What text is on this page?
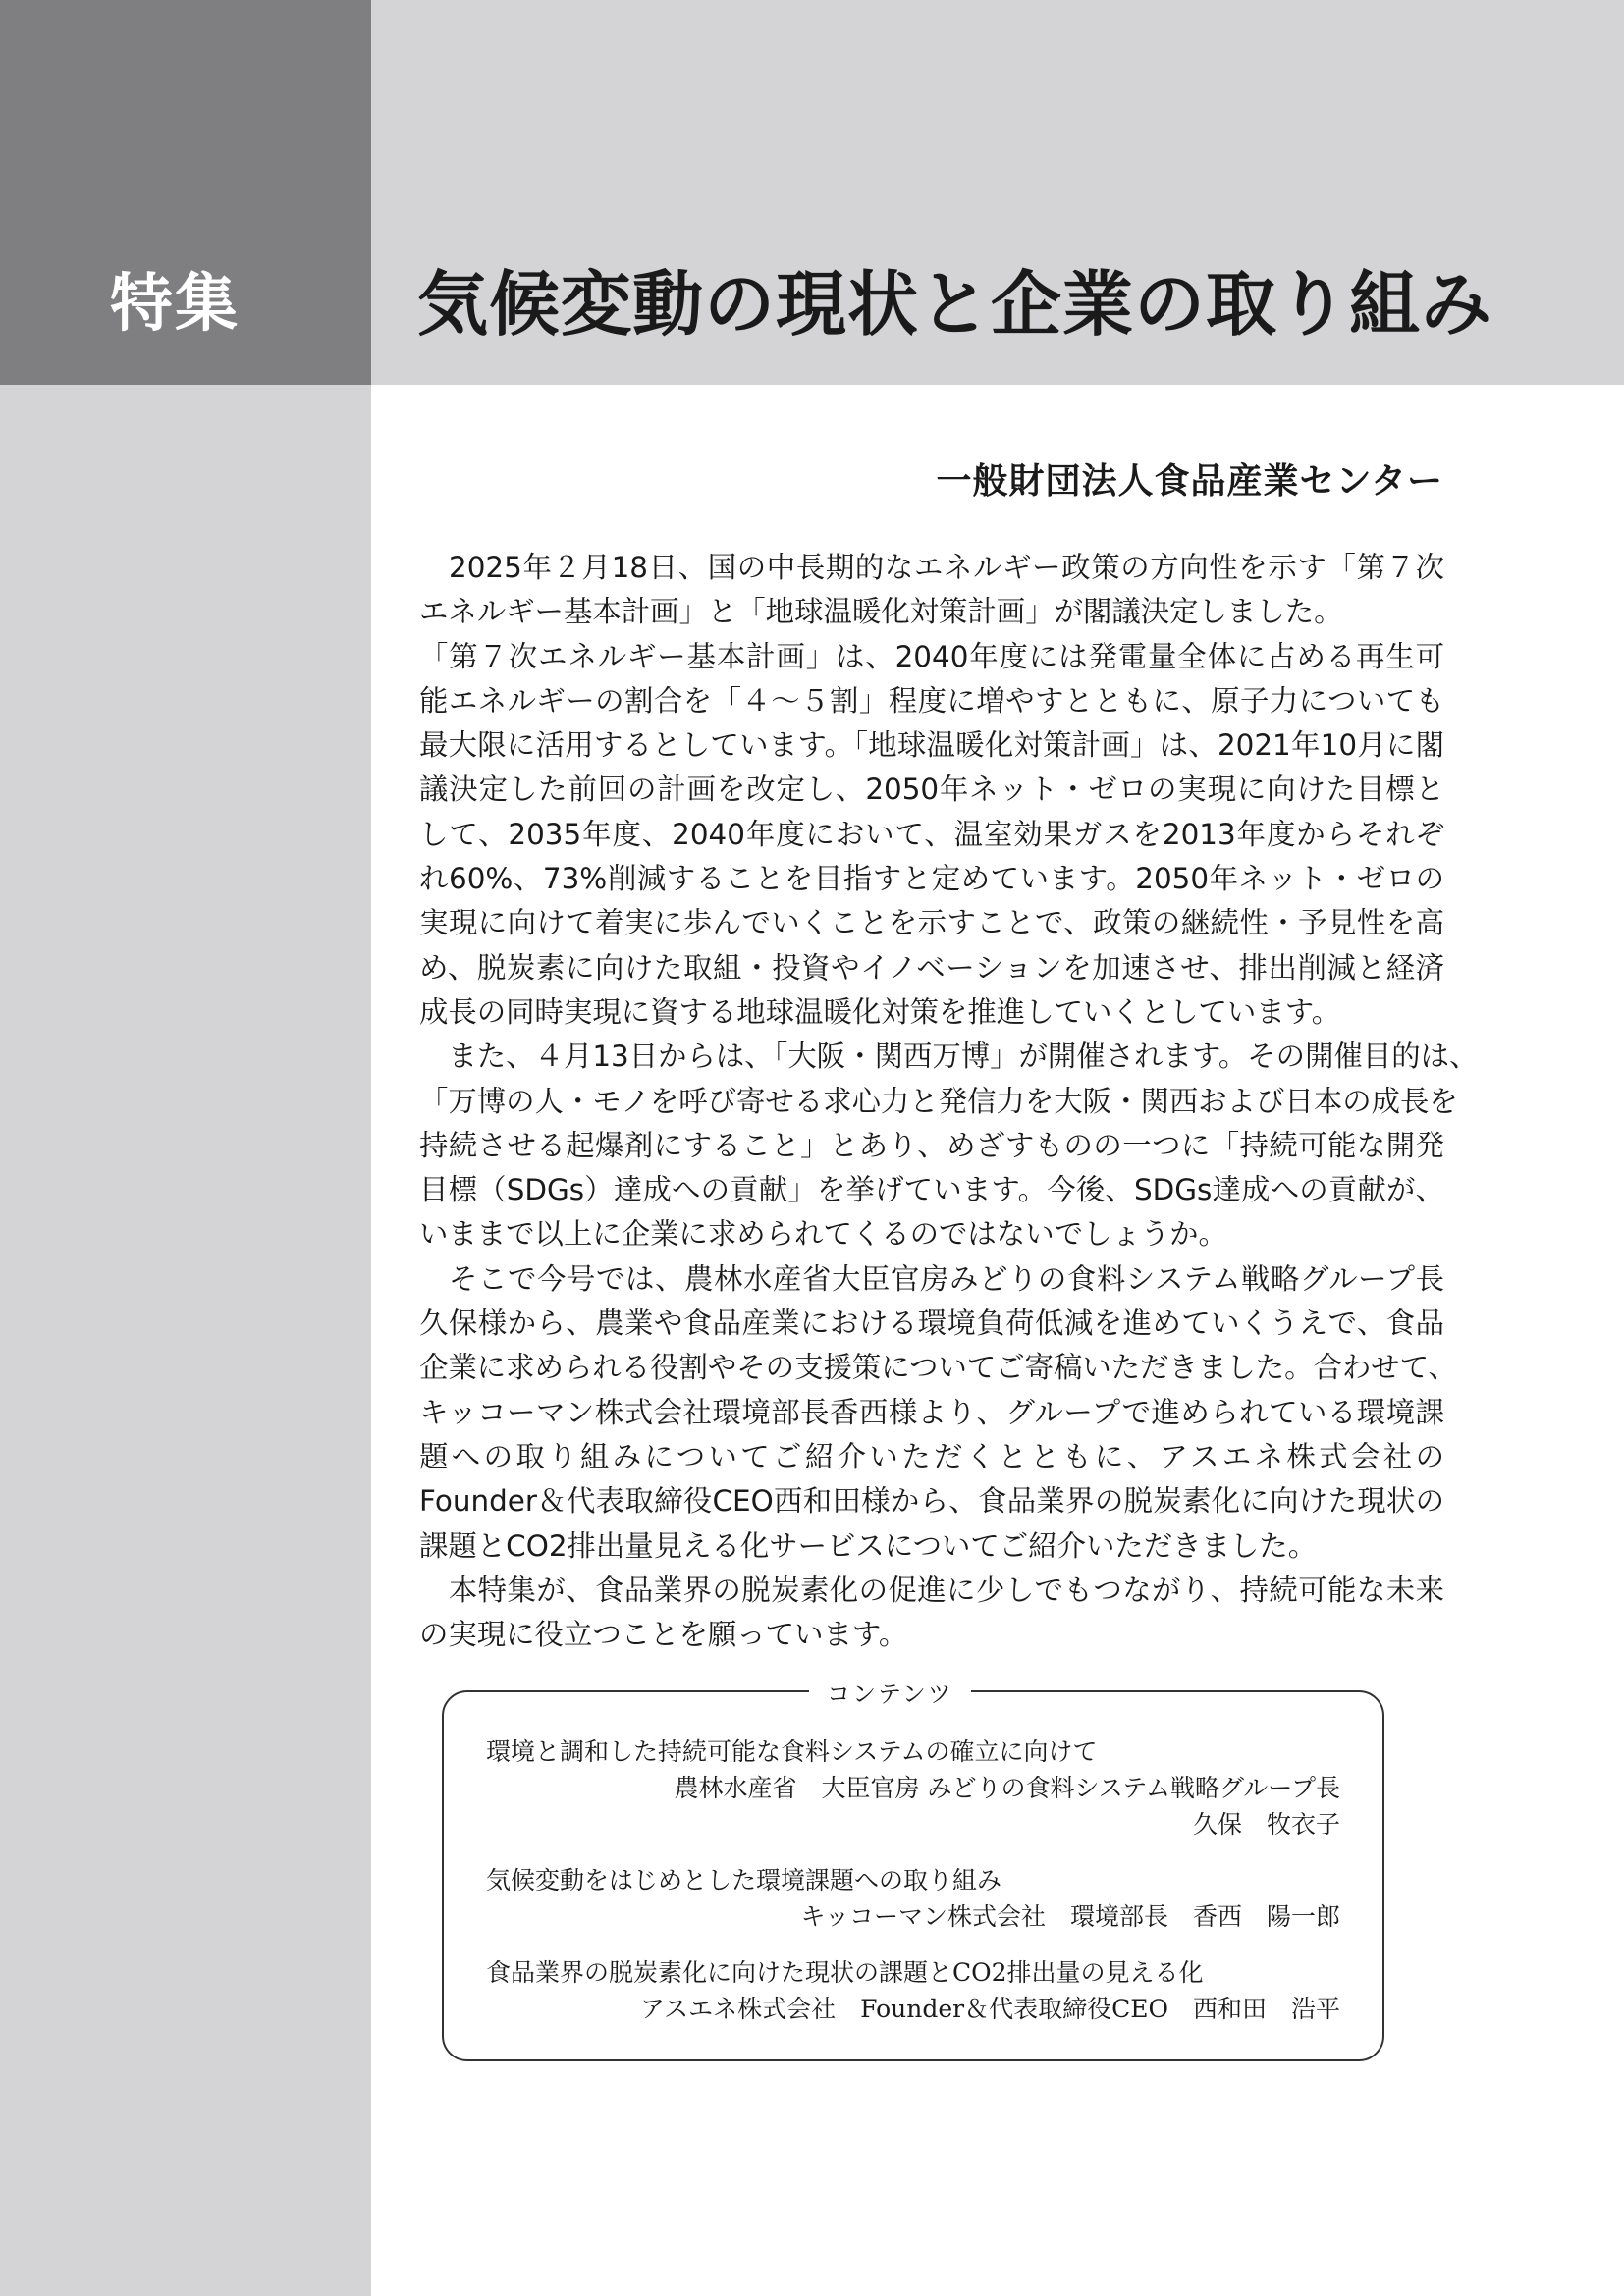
特集	気候変動の現状と企業の取り組み
一般財団法人食品産業センター
　2025年２月18日、国の中長期的なエネルギー政策の方向性を示す「第７次
エネルギー基本計画」と「地球温暖化対策計画」が閣議決定しました。
「第７次エネルギー基本計画」は、2040年度には発電量全体に占める再生可
能エネルギーの割合を「４～５割」程度に増やすとともに、原子力についても
最大限に活用するとしています。「地球温暖化対策計画」は、2021年10月に閣
議決定した前回の計画を改定し、2050年ネット・ゼロの実現に向けた目標と
して、2035年度、2040年度において、温室効果ガスを2013年度からそれぞ
れ60%、73%削減することを目指すと定めています。2050年ネット・ゼロの
実現に向けて着実に歩んでいくことを示すことで、政策の継続性・予見性を高
め、脱炭素に向けた取組・投資やイノベーションを加速させ、排出削減と経済
成長の同時実現に資する地球温暖化対策を推進していくとしています。
　また、４月13日からは、「大阪・関西万博」が開催されます。その開催目的は、
「万博の人・モノを呼び寄せる求心力と発信力を大阪・関西および日本の成長を
持続させる起爆剤にすること」とあり、めざすものの一つに「持続可能な開発
目標（SDGs）達成への貢献」を挙げています。今後、SDGs達成への貢献が、
いままで以上に企業に求められてくるのではないでしょうか。
　そこで今号では、農林水産省大臣官房みどりの食料システム戦略グループ長
久保様から、農業や食品産業における環境負荷低減を進めていくうえで、食品
企業に求められる役割やその支援策についてご寄稿いただきました。合わせて、
キッコーマン株式会社環境部長香西様より、グループで進められている環境課
題への取り組みについてご紹介いただくとともに、アスエネ株式会社の
Founder＆代表取締役CEO西和田様から、食品業界の脱炭素化に向けた現状の
課題とCO2排出量見える化サービスについてご紹介いただきました。
　本特集が、食品業界の脱炭素化の促進に少しでもつながり、持続可能な未来
の実現に役立つことを願っています。
コンテンツ
環境と調和した持続可能な食料システムの確立に向けて
農林水産省　大臣官房 みどりの食料システム戦略グループ長
久保　牧衣子
気候変動をはじめとした環境課題への取り組み
キッコーマン株式会社　環境部長　香西　陽一郎
食品業界の脱炭素化に向けた現状の課題とCO2排出量の見える化
アスエネ株式会社　Founder＆代表取締役CEO　西和田　浩平
